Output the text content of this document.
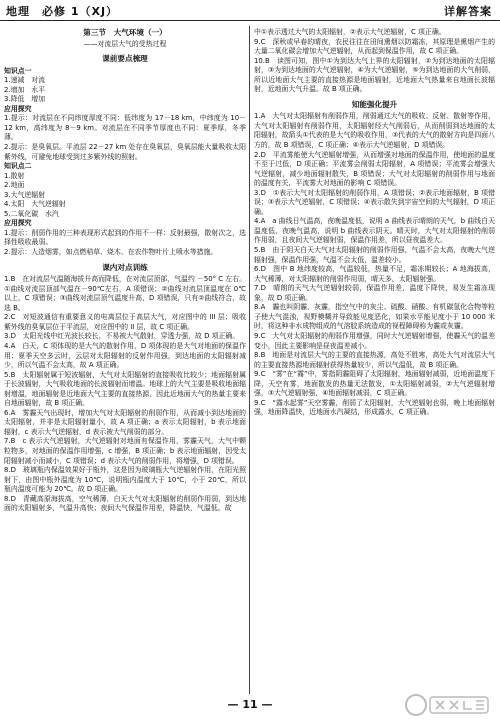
地理　必修 1（XJ）	详解答案
第三节　大气环境（一）
——对流层大气的受热过程
课前要点梳理
知识点一
1.速减　对流
2.增加　水平
3.降低　增加
应用探究
1.提示：对流层在不同纬度厚度不同：低纬度为 17－18 km，中纬度为 10－12 km，高纬度为 8－9 km。对流层在不同季节厚度也不同：夏季厚，冬季薄。
2.提示：是臭氧层。平流层 22－27 km 处存在臭氧层，臭氧层能大量吸收太阳紫外线，可避免地球受到过多紫外线的照射。
知识点二
1.散射
2.地面
3.大气逆辐射
4.太阳　大气逆辐射
5.二氧化碳　水汽
应用探究
1.提示：削弱作用的三种表现形式起到的作用不一样：反射最强，散射次之，选择性吸收最弱。
2.提示：人造烟雾，如点燃秸草、烧木、在农作物叶片上喷水等措施。
课内对点训练
1.B　在对流层气温随海拔升高而降低，在对流层顶部，气温约 －50° C 左右。①曲线对流层顶部气温在－90℃左右，A 项错误；②曲线对流层顶温度在 0℃ 以上，C 项错误；③曲线对流层顶气温度升高，D 项错误，只有②曲线符合，故选 B。
2.C　对短波通信有重要意义的电离层位于高层大气，对应图中的 III 层；吸收紫外线的臭氧层位于平流层，对应图中的 II 层，故 C 项正确。
3.D　太阳光线中红光波长较长，不易被大气散射，穿透力强，故 D 项正确。
4.A　白天，C 项体现的是大气的散射作用，D 项体现的是大气对地面的保温作用；夏季天空多云时，云层对太阳辐射的反射作用强，到达地面的太阳辐射减少，所以气温不会太高，故 A 项正确。
5.B　太阳辐射属于短波辐射，大气对太阳辐射的直接吸收比较少；地面辐射属于长波辐射，大气吸收地面的长波辐射而增温。地球上的大气主要是吸收地面辐射增温，地面辐射是近地面大气主要的直接热源，因此近地面大气的热量主要来自地面辐射，故 B 项正确。
6.A　雾霾天气出现时，增加大气对太阳辐射的削弱作用，从而减小到达地面的太阳辐射，并非是太阳辐射量小，故 A 项正确；a 表示太阳辐射，b 表示地面辐射，c 表示大气逆辐射，d 表示被大气削弱的部分。
7.B　c 表示大气逆辐射，大气逆辐射对地面有保温作用，雾霾天气，大气中颗粒物多，对地面的保温作用增强，c 增强，B 项正确；b 表示地面辐射，因受太阳辐射减小而减小，C 项错误；d 表示大气的削弱作用，将增强，D 项错误。
8.D　玻璃瓶内保温效果好于瓶外，这是因为玻璃瓶大气逆辐射作用，在阳光照射下，由图中瓶外温度为 10℃，说明瓶内温度大于 10℃，小于 20℃，所以瓶内温度可能为 20℃。故 D 项正确。
8.D　青藏高原海拔高，空气稀薄，白天大气对太阳辐射的削弱作用弱，到达地面的太阳辐射多，气温升高快；夜间大气保温作用差，降温快，气温低。故
中①表示透过大气的太阳辐射，②表示大气逆辐射，C 项正确。
9.C　深秋或早春的晴夜，农民往往在田间熏烟以防霜冻，其原理是熏烟产生的大量二氧化碳会增加大气逆辐射，从而起到保温作用，故 C 项正确。
10.B　读图可知，图中①为到达大气上界的太阳辐射，②为到达地面的太阳辐射，③为到达地面的大气逆辐射，④为大气逆辐射，⑤为到达地面的大气削弱，所以近地面大气主要的直接热源是地面辐射，近地面大气热量来自地面长波辐射，近地面大气升温。故 B 项正确。
知能强化提升
1.A　大气对太阳辐射有削弱作用，削弱通过大气的吸收、反射、散射等作用，大气对太阳辐射有削弱作用，太阳辐射经大气削弱后，从而削弱到达地面的太阳辐射，故箭头①代表的是大气的吸收作用，③代表的大气的散射方向是四面八方的，故 B 项错误，C 项正确；④表示大气逆辐射，D 项错误。
2.D　平流雾能使大气逆辐射增强，从而增强对地面的保温作用，使地面的温度不至于过低，D 项正确；平流雾会削弱太阳辐射，A 项错误；平流雾会增强大气逆辐射，减少地面辐射散失，B 项错误；大气对太阳辐射的削弱作用与地面的温度有关，平流雾大对地面的影响 C 项错误。
3.D　①表示大气对太阳辐射的削弱作用，A 项错误；②表示地面辐射，B 项错误；③表示大气逆辐射，C 项错误；④表示散失到宇宙空间的大气辐射，D 项正确。
4.A　a 曲线日气温高，夜晚温度低，说明 a 曲线表示晴朗的天气，b 曲线白天温度低，夜晚气温高，说明 b 曲线表示阴天。晴天时，大气对太阳辐射的削弱作用弱，且夜间大气逆辐射弱，保温作用差，所以昼夜温差大。
5.B　由于阴天白天大气对太阳辐射的削弱作用强，气温不会太高，夜晚大气逆辐射强，保温作用强，气温不会太低，温差较小。
6.D　图中 B 地纬度较高，气温较低，热量不足，霜冻期较长；A 地海拔高，大气稀薄，对太阳辐射的削弱作用弱，晴天多，太阳辐射强。
7.D　晴朗的天气大气逆辐射较弱，保温作用差，温度下降快，易发生霜冻现象，故 D 项正确。
8.A　霾也叫阴霾、灰霾，指空气中的灰尘、硫酸、硝酸、有机碳氢化合物等粒子使大气混浊，视野模糊并导致能见度恶化，如果水平能见度小于 10 000 米时，将这种非水成物组成的气溶胶系统造成的视程障碍称为霾或灰霾。
9.C　大气对太阳辐射的削弱作用增强，同时大气逆辐射增强，使霾天气的温差变小，因此主要影响是昼夜温差减小。
8.B　地面是对流层大气的主要的直接热源，高处不胜寒，高处大气对流层大气的主要直接热源地面辐射获得热量较少，所以气温低，故 B 项正确。
9.C　“雾”在“霧”中，雾指阴霾阻碍了太阳辐射，地面辐射减弱，近地面温度下降，天空有雾，地面散发的热量无法散发，①太阳辐射减弱，②大气逆辐射增强，③大气逆辐射强，④地面辐射减弱，C 项正确。
9.C　“露水起雾”天空雾霾，削弱了太阳辐射，大气逆辐射也弱，晚上地面辐射强，地面降温快，近地面水汽凝结，形成露水，C 项正确。
— 11 —
